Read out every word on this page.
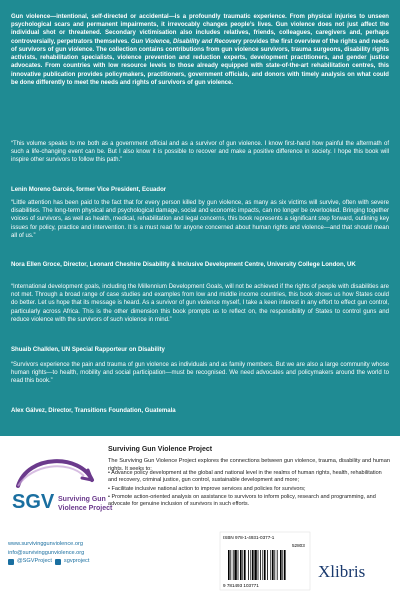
Gun violence—intentional, self-directed or accidental—is a profoundly traumatic experience. From physical injuries to unseen psychological scars and permanent impairments, it irrevocably changes people’s lives. Gun violence does not just affect the individual shot or threatened. Secondary victimisation also includes relatives, friends, colleagues, caregivers and, perhaps controversially, perpetrators themselves. Gun Violence, Disability and Recovery provides the first overview of the rights and needs of survivors of gun violence. The collection contains contributions from gun violence survivors, trauma surgeons, disability rights activists, rehabilitation specialists, violence prevention and reduction experts, development practitioners, and gender justice advocates. From countries with low resource levels to those already equipped with state-of-the-art rehabilitation centres, this innovative publication provides policymakers, practitioners, government officials, and donors with timely analysis on what could be done differently to meet the needs and rights of survivors of gun violence.
“This volume speaks to me both as a government official and as a survivor of gun violence. I know first-hand how painful the aftermath of such a life-changing event can be. But I also know it is possible to recover and make a positive difference in society. I hope this book will inspire other survivors to follow this path.”
Lenin Moreno Garcés, former Vice President, Ecuador
“Little attention has been paid to the fact that for every person killed by gun violence, as many as six victims will survive, often with severe disabilities. The long-term physical and psychological damage, social and economic impacts, can no longer be overlooked. Bringing together voices of survivors, as well as health, medical, rehabilitation and legal concerns, this book represents a significant step forward, outlining key issues for policy, practice and intervention. It is a must read for anyone concerned about human rights and violence—and that should mean all of us.”
Nora Ellen Groce, Director, Leonard Cheshire Disability & Inclusive Development Centre, University College London, UK
“International development goals, including the Millennium Development Goals, will not be achieved if the rights of people with disabilities are not met. Through a broad range of case studies and examples from low and middle income countries, this book shows us how States could do better. Let us hope that its message is heard. As a survivor of gun violence myself, I take a keen interest in any effort to effect gun control, particularly across Africa. This is the other dimension this book prompts us to reflect on, the responsibility of States to control guns and reduce violence with the survivors of such violence in mind.”
Shuaib Chalklen, UN Special Rapporteur on Disability
“Survivors experience the pain and trauma of gun violence as individuals and as family members. But we are also a large community whose human rights—to health, mobility and social participation—must be recognised. We need advocates and policymakers around the world to read this book.”
Alex Gálvez, Director, Transitions Foundation, Guatemala
SGV Surviving Gun
Violence Project
www.survivinggunviolence.org
info@survivinggunviolence.org
@SGVProject sgvproject
Surviving Gun Violence Project
The Surviving Gun Violence Project explores the connections between gun violence, trauma, disability and human rights. It seeks to:
• Advance policy development at the global and national level in the realms of human rights, health, rehabilitation and recovery, criminal justice, gun control, sustainable development and more;
• Facilitate inclusive national action to improve services and policies for survivors;
• Promote action-oriented analysis on assistance to survivors to inform policy, research and programming, and advocate for genuine inclusion of survivors in such efforts.
ISBN 978-1-4931-0377-1
52803
9 781493 103771
Xlibris
